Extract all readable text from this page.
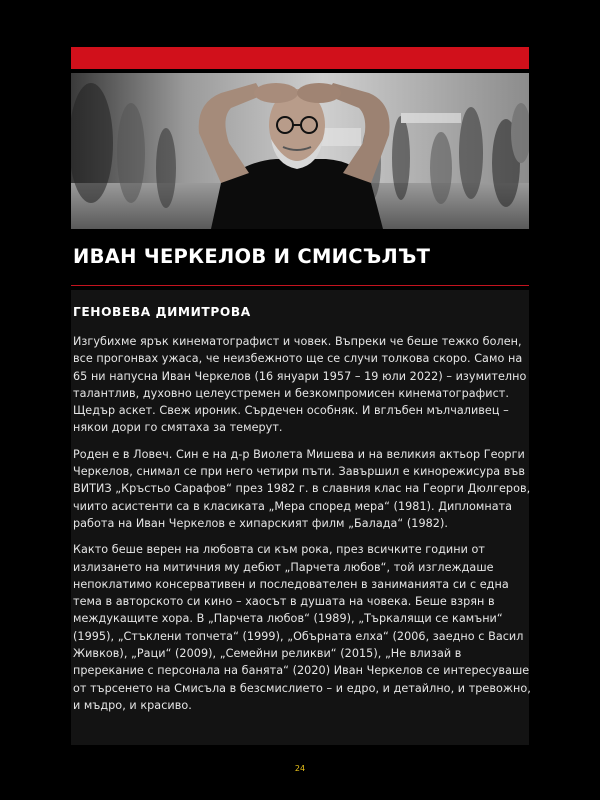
ИВАН ЧЕРКЕЛОВ И СМИСЪЛЪТ
ГЕНОВЕВА ДИМИТРОВА

Изгубихме ярък кинематографист и човек. Въпреки че беше тежко болен, все прогонвах ужаса, че неизбежното ще се случи толкова скоро. Само на 65 ни напусна Иван Черкелов (16 януари 1957 – 19 юли 2022) – изумително талантлив, духовно целеустремен и безкомпромисен кинематографист. Щедър аскет. Свеж ироник. Сърдечен особняк. И вглъбен мълчаливец – някои дори го смятаха за темерут.

Роден е в Ловеч. Син е на д-р Виолета Мишева и на великия актьор Георги Черкелов, снимал се при него четири пъти. Завършил е кинорежисура във ВИТИЗ „Кръстьо Сарафов“ през 1982 г. в славния клас на Георги Дюлгеров, чиито асистенти са в класиката „Мера според мера“ (1981). Дипломната работа на Иван Черкелов е хипарският филм „Балада“ (1982).

Както беше верен на любовта си към рока, през всичките години от излизането на митичния му дебют „Парчета любов“, той изглеждаше непоклатимо консервативен и последователен в заниманията си с една тема в авторското си кино – хаосът в душата на човека. Беше взрян в междукащите хора. В „Парчета любов“ (1989), „Търкалящи се камъни“ (1995), „Стъклени топчета“ (1999), „Обърната елха“ (2006, заедно с Васил Живков), „Раци“ (2009), „Семейни реликви“ (2015), „Не влизай в пререкание с персонала на банята“ (2020) Иван Черкелов се интересуваше от търсенето на Смисъла в безсмислието – и едро, и детайлно, и тревожно, и мъдро, и красиво.

24
